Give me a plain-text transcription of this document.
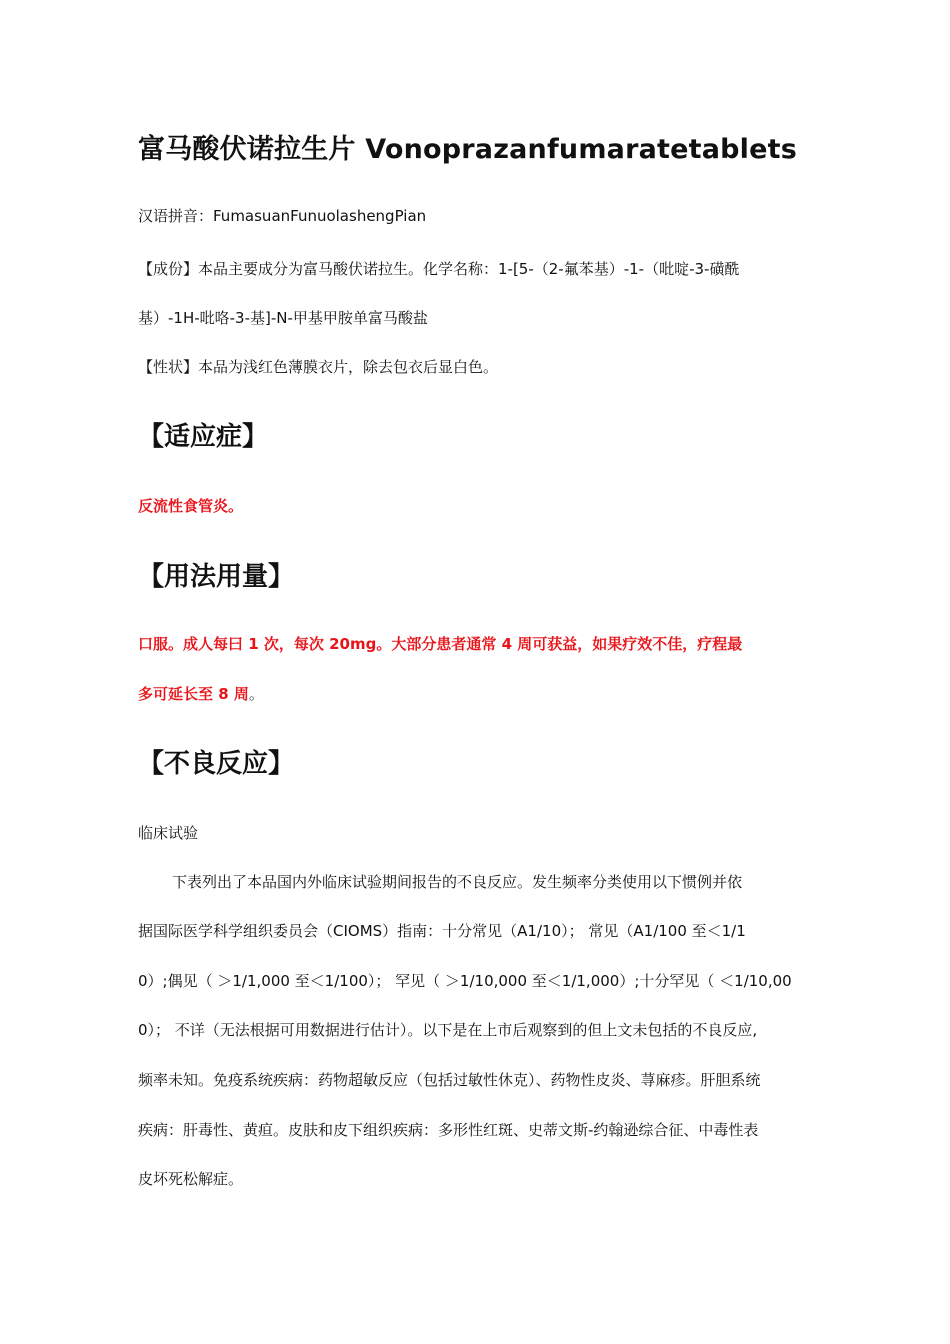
富马酸伏诺拉生片 Vonoprazanfumaratetablets

汉语拼音：FumasuanFunuolashengPian

【成份】本品主要成分为富马酸伏诺拉生。化学名称：1-[5-（2-氟苯基）-1-（吡啶-3-磺酰

基）-1H-吡咯-3-基]-N-甲基甲胺单富马酸盐

【性状】本品为浅红色薄膜衣片，除去包衣后显白色。

【适应症】

反流性食管炎。

【用法用量】

口服。成人每曰 1 次，每次 20mg。大部分患者通常 4 周可获益，如果疗效不佳，疗程最

多可延长至 8 周。

【不良反应】

临床试验

下表列出了本品国内外临床试验期间报告的不良反应。发生频率分类使用以下惯例并依

据国际医学科学组织委员会（CIOMS）指南：十分常见（A1/10）； 常见（A1/100 至＜1/1

0）;偶见（ ＞1/1,000 至＜1/100）； 罕见（ ＞1/10,000 至＜1/1,000）;十分罕见（ ＜1/10,00

0）； 不详（无法根据可用数据进行估计）。以下是在上市后观察到的但上文未包括的不良反应,

频率未知。免疫系统疾病：药物超敏反应（包括过敏性休克）、药物性皮炎、荨麻疹。肝胆系统

疾病：肝毒性、黄疸。皮肤和皮下组织疾病：多形性红斑、史蒂文斯-约翰逊综合征、中毒性表

皮坏死松解症。
